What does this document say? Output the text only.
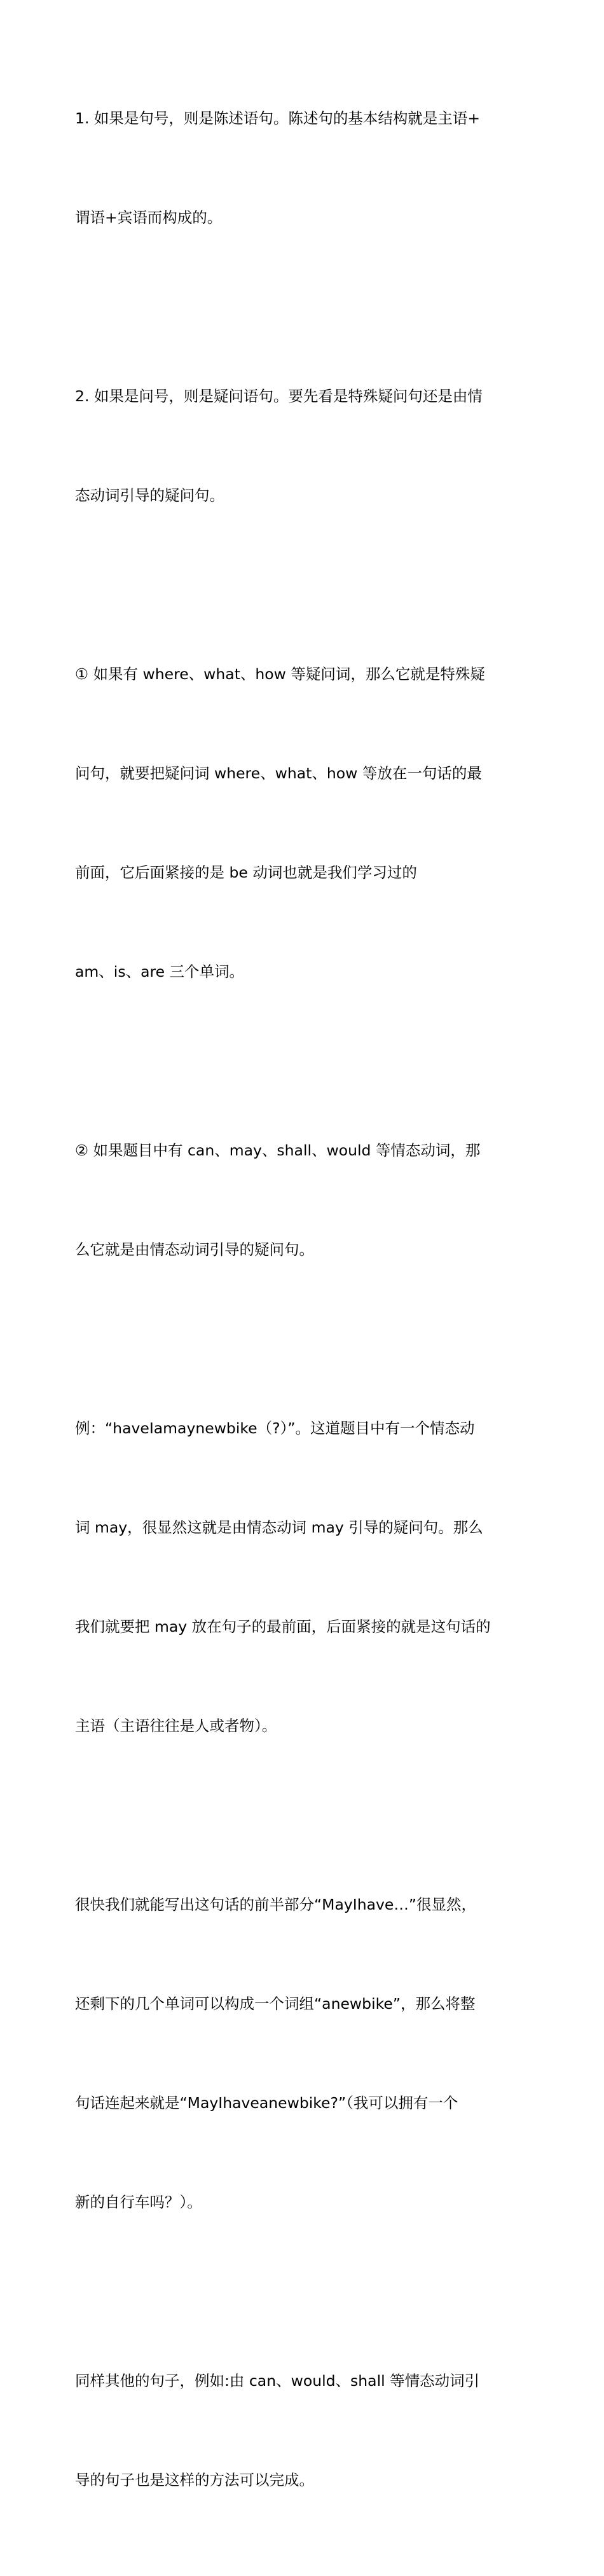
1. 如果是句号，则是陈述语句。陈述句的基本结构就是主语+

谓语+宾语而构成的。

2. 如果是问号，则是疑问语句。要先看是特殊疑问句还是由情

态动词引导的疑问句。

① 如果有 where、what、how 等疑问词，那么它就是特殊疑

问句，就要把疑问词 where、what、how 等放在一句话的最

前面，它后面紧接的是 be 动词也就是我们学习过的

am、is、are 三个单词。

② 如果题目中有 can、may、shall、would 等情态动词，那

么它就是由情态动词引导的疑问句。

例：“haveIamaynewbike（?）”。这道题目中有一个情态动

词 may，很显然这就是由情态动词 may 引导的疑问句。那么

我们就要把 may 放在句子的最前面，后面紧接的就是这句话的

主语（主语往往是人或者物）。

很快我们就能写出这句话的前半部分“MayIhave…”很显然，

还剩下的几个单词可以构成一个词组“anewbike”，那么将整

句话连起来就是“MayIhaveanewbike?”（我可以拥有一个

新的自行车吗？）。

同样其他的句子，例如:由 can、would、shall 等情态动词引

导的句子也是这样的方法可以完成。
